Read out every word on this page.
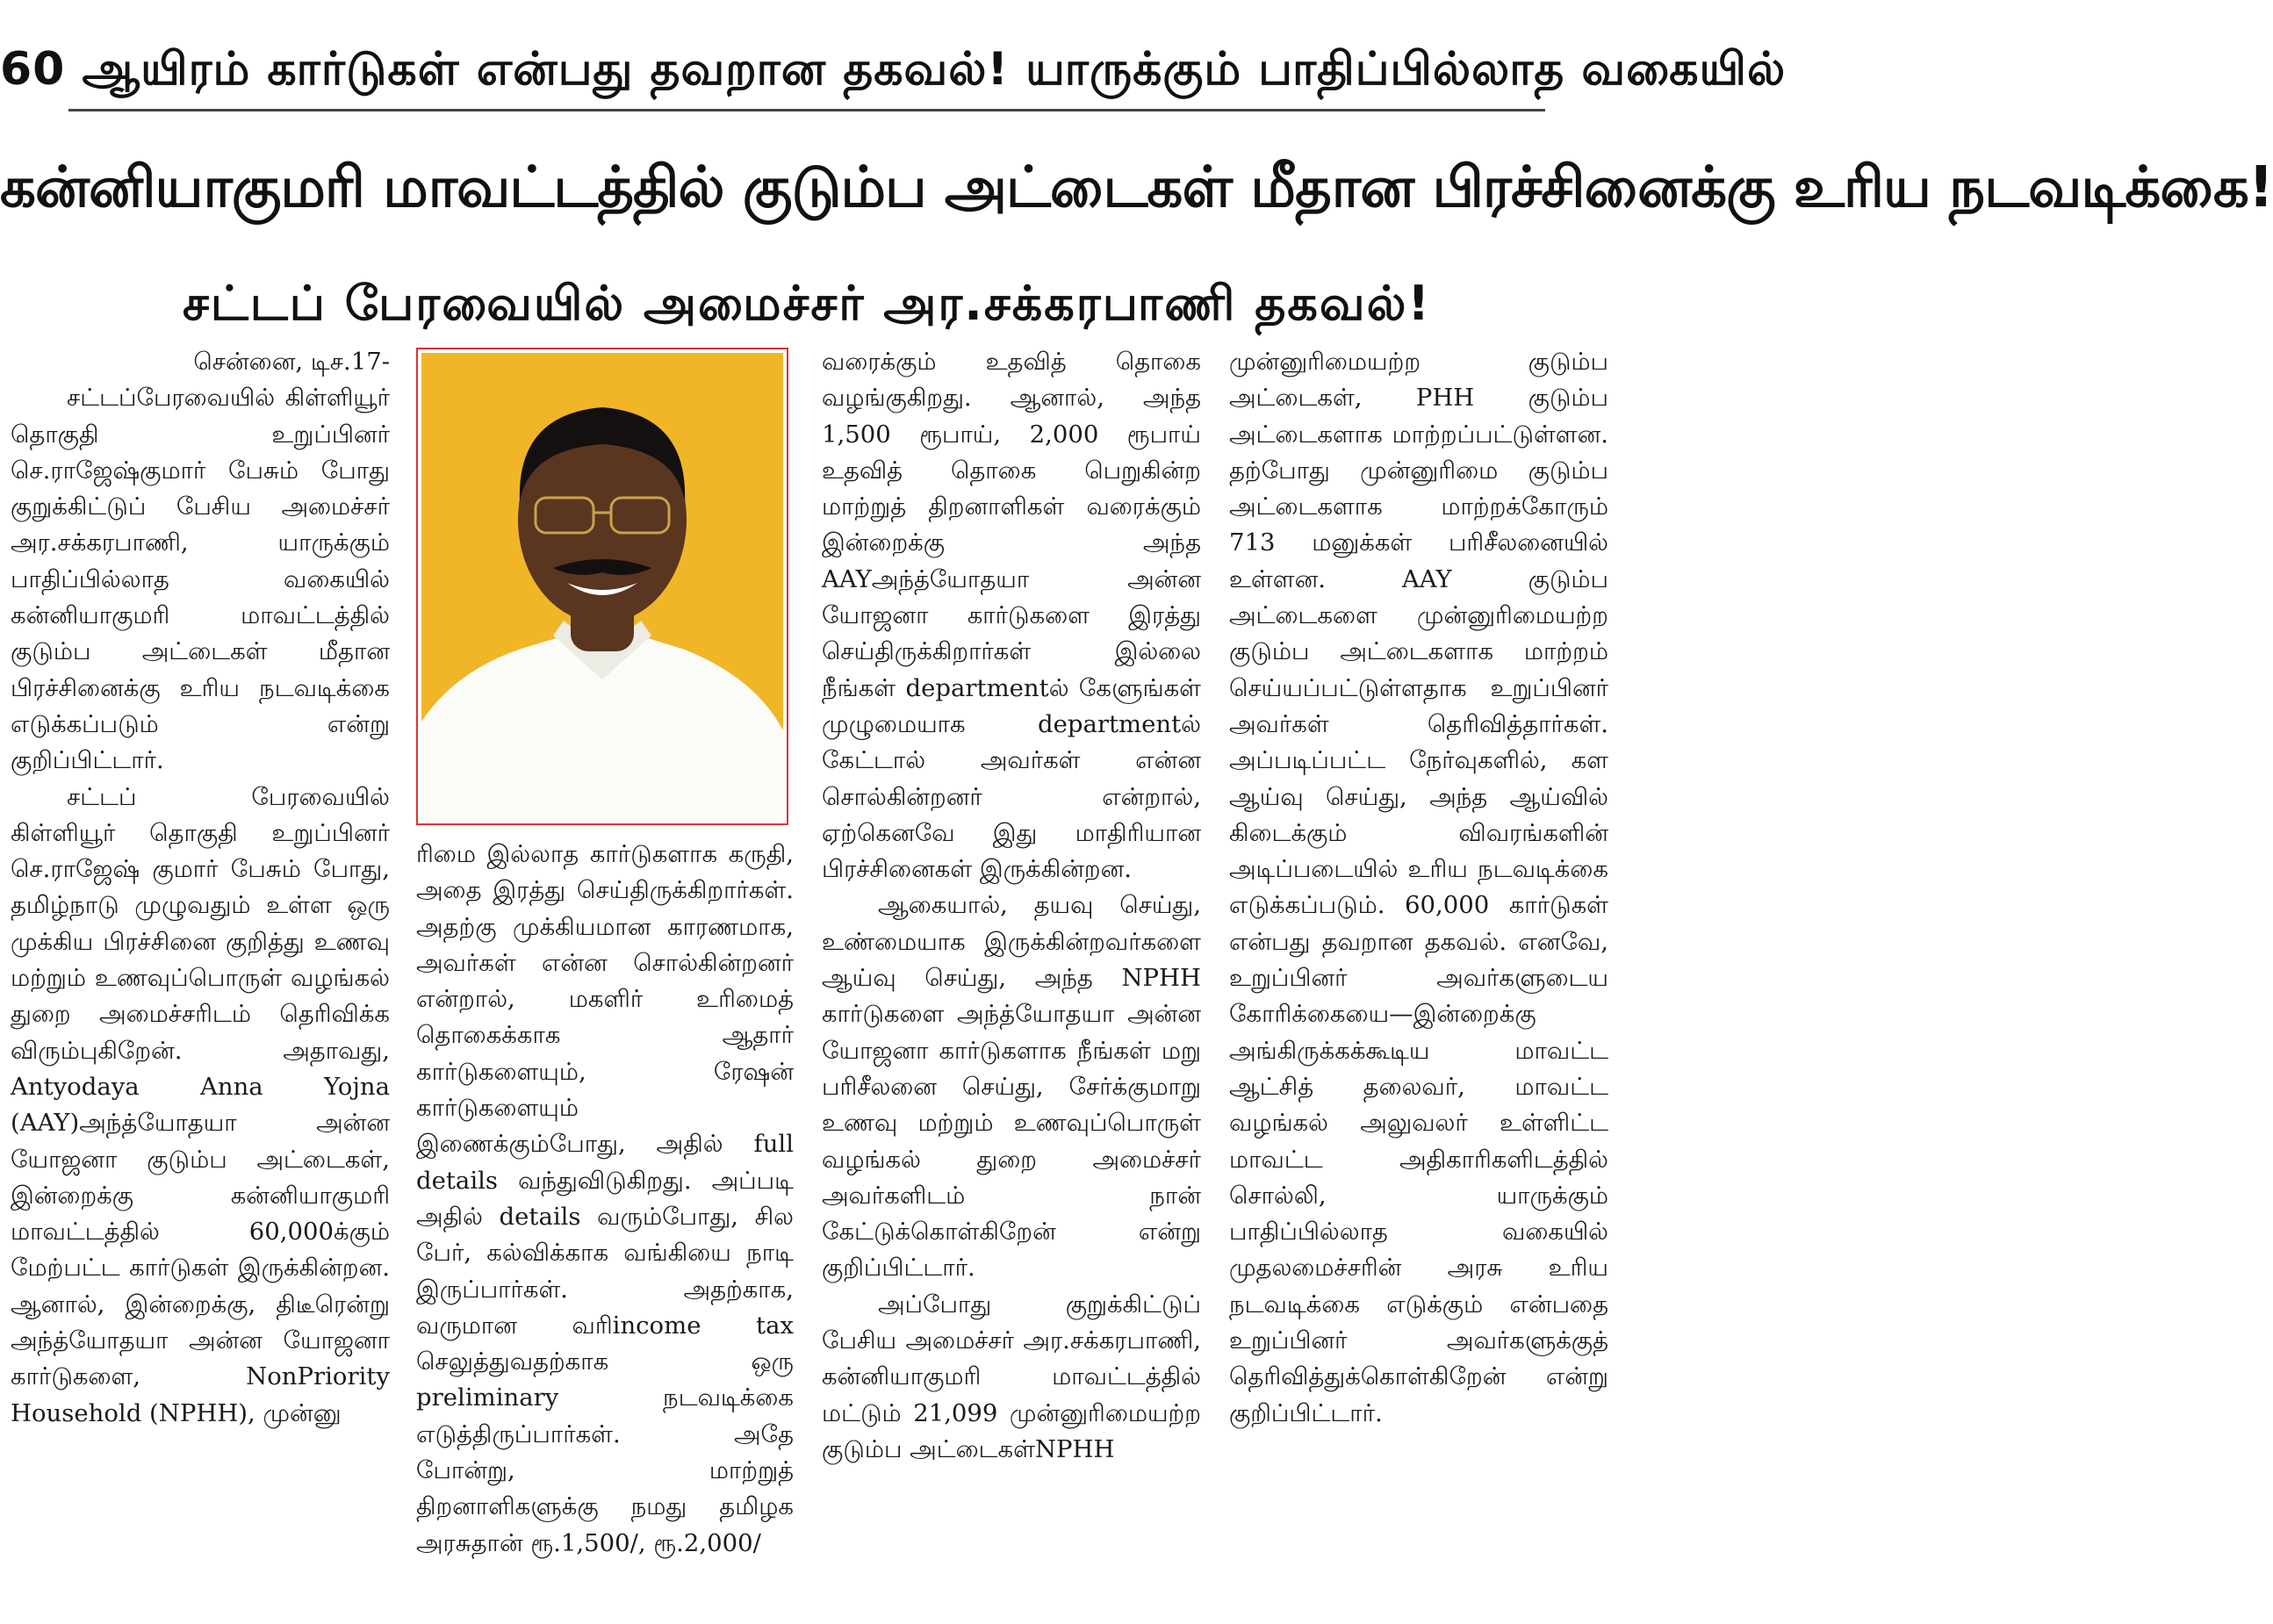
60 ஆயிரம் கார்டுகள் என்பது தவறான தகவல்! யாருக்கும் பாதிப்பில்லாத வகையில்
கன்னியாகுமரி மாவட்டத்தில் குடும்ப அட்டைகள் மீதான பிரச்சினைக்கு உரிய நடவடிக்கை!
சட்டப் பேரவையில் அமைச்சர் அர.சக்கரபாணி தகவல்!
சென்னை, டிச.17-

சட்டப்பேரவையில் கிள்ளியூர் தொகுதி உறுப்பினர் செ.ராஜேஷ்குமார் பேசும் போது குறுக்கிட்டுப் பேசிய அமைச்சர் அர.சக்கரபாணி, யாருக்கும் பாதிப்பில்லாத வகையில் கன்னியாகுமரி மாவட்டத்தில் குடும்ப அட்டைகள் மீதான பிரச்சினைக்கு உரிய நடவடிக்கை எடுக்கப்படும் என்று குறிப்பிட்டார்.

சட்டப் பேரவையில் கிள்ளியூர் தொகுதி உறுப்பினர் செ.ராஜேஷ் குமார் பேசும் போது, தமிழ்நாடு முழுவதும் உள்ள ஒரு முக்கிய பிரச்சினை குறித்து உணவு மற்றும் உணவுப்பொருள் வழங்கல் துறை அமைச்சரிடம் தெரிவிக்க விரும்புகிறேன். அதாவது, Antyodaya Anna Yojna (AAY)அந்த்யோதயா அன்ன யோஜனா குடும்ப அட்டைகள், இன்றைக்கு கன்னியாகுமரி மாவட்டத்தில் 60,000க்கும் மேற்பட்ட கார்டுகள் இருக்கின்றன. ஆனால், இன்றைக்கு, திடீரென்று அந்த்யோதயா அன்ன யோஜனா கார்டுகளை, NonPriority Household (NPHH), முன்னு

ரிமை இல்லாத கார்டுகளாக கருதி, அதை இரத்து செய்திருக்கிறார்கள். அதற்கு முக்கியமான காரணமாக, அவர்கள் என்ன சொல்கின்றனர் என்றால், மகளிர் உரிமைத் தொகைக்காக ஆதார் கார்டுகளையும், ரேஷன் கார்டுகளையும் இணைக்கும்போது, அதில் full details வந்துவிடுகிறது. அப்படி அதில் details வரும்போது, சில பேர், கல்விக்காக வங்கியை நாடி இருப்பார்கள். அதற்காக, வருமான வரிincome tax செலுத்துவதற்காக ஒரு preliminary நடவடிக்கை எடுத்திருப்பார்கள். அதே போன்று, மாற்றுத் திறனாளிகளுக்கு நமது தமிழக அரசுதான் ரூ.1,500/, ரூ.2,000/
வரைக்கும் உதவித் தொகை வழங்குகிறது. ஆனால், அந்த 1,500 ரூபாய், 2,000 ரூபாய் உதவித் தொகை பெறுகின்ற மாற்றுத் திறனாளிகள் வரைக்கும் இன்றைக்கு அந்த AAYஅந்த்யோதயா அன்ன யோஜனா கார்டுகளை இரத்து செய்திருக்கிறார்கள் இல்லை நீங்கள் departmentல் கேளுங்கள் முழுமையாக departmentல் கேட்டால் அவர்கள் என்ன சொல்கின்றனர் என்றால், ஏற்கெனவே இது மாதிரியான பிரச்சினைகள் இருக்கின்றன.

ஆகையால், தயவு செய்து, உண்மையாக இருக்கின்றவர்களை ஆய்வு செய்து, அந்த NPHH கார்டுகளை அந்த்யோதயா அன்ன யோஜனா கார்டுகளாக நீங்கள் மறு பரிசீலனை செய்து, சேர்க்குமாறு உணவு மற்றும் உணவுப்பொருள் வழங்கல் துறை அமைச்சர் அவர்களிடம் நான் கேட்டுக்கொள்கிறேன் என்று குறிப்பிட்டார்.

அப்போது குறுக்கிட்டுப் பேசிய அமைச்சர் அர.சக்கரபாணி, கன்னியாகுமரி மாவட்டத்தில் மட்டும் 21,099 முன்னுரிமையற்ற குடும்ப அட்டைகள்NPHH

முன்னுரிமையற்ற குடும்ப அட்டைகள், PHH குடும்ப அட்டைகளாக மாற்றப்பட்டுள்ளன. தற்போது முன்னுரிமை குடும்ப அட்டைகளாக மாற்றக்கோரும் 713 மனுக்கள் பரிசீலனையில் உள்ளன. AAY குடும்ப அட்டைகளை முன்னுரிமையற்ற குடும்ப அட்டைகளாக மாற்றம் செய்யப்பட்டுள்ளதாக உறுப்பினர் அவர்கள் தெரிவித்தார்கள். அப்படிப்பட்ட நேர்வுகளில், கள ஆய்வு செய்து, அந்த ஆய்வில் கிடைக்கும் விவரங்களின் அடிப்படையில் உரிய நடவடிக்கை எடுக்கப்படும். 60,000 கார்டுகள் என்பது தவறான தகவல். எனவே, உறுப்பினர் அவர்களுடைய கோரிக்கையை—இன்றைக்கு அங்கிருக்கக்கூடிய மாவட்ட ஆட்சித் தலைவர், மாவட்ட வழங்கல் அலுவலர் உள்ளிட்ட மாவட்ட அதிகாரிகளிடத்தில் சொல்லி, யாருக்கும் பாதிப்பில்லாத வகையில் முதலமைச்சரின் அரசு உரிய நடவடிக்கை எடுக்கும் என்பதை உறுப்பினர் அவர்களுக்குத் தெரிவித்துக்கொள்கிறேன் என்று குறிப்பிட்டார்.
